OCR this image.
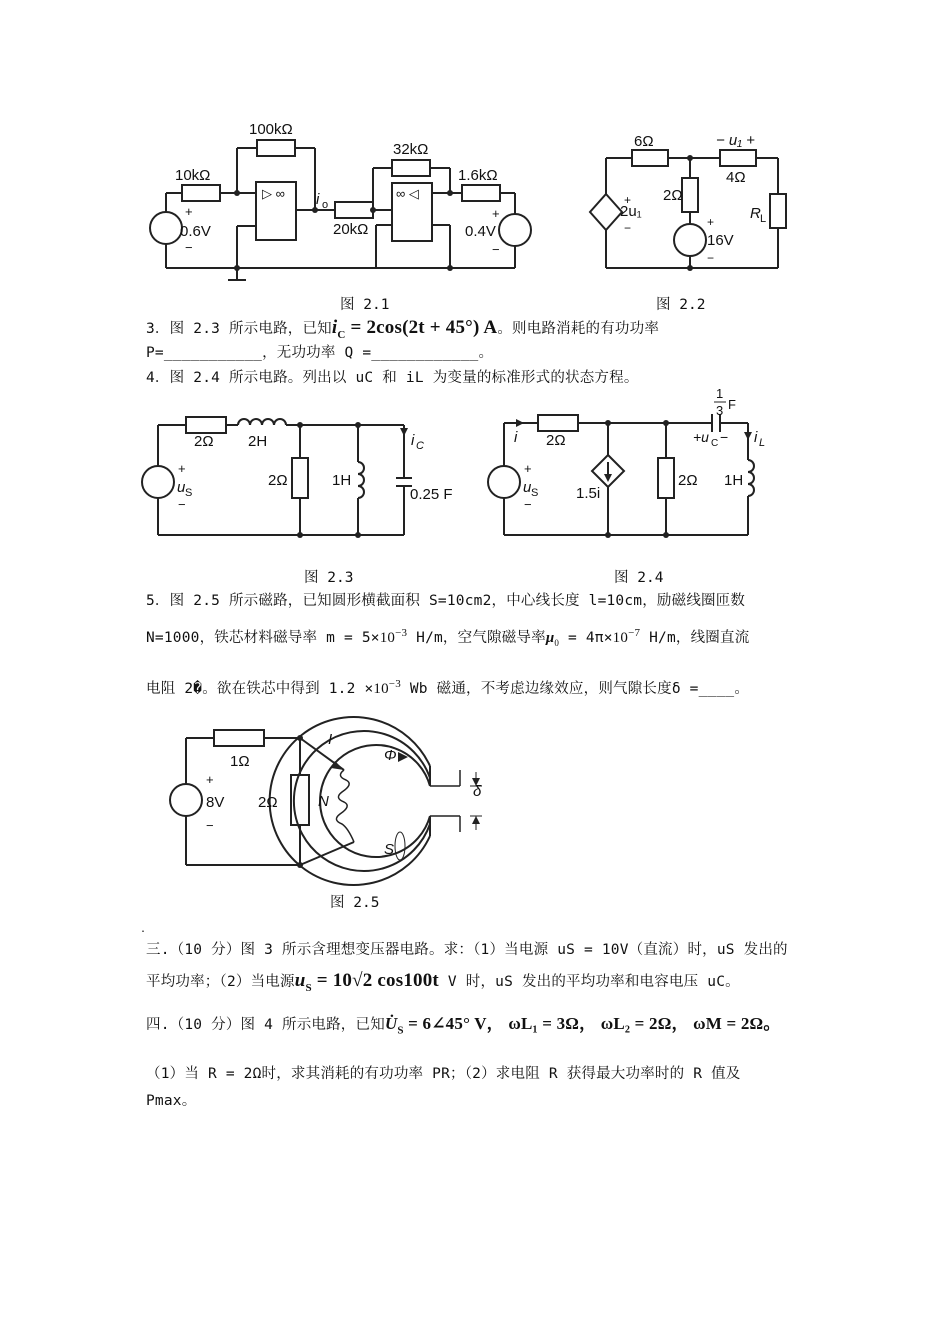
100kΩ
10kΩ
20kΩ
32kΩ
1.6kΩ
0.6V	0.4V
+
−
+
−
▷ ∞	∞ ◁
i o
6Ω
2Ω
4Ω
− u₁ +
2u₁
+
−
16V
+
−
R L
图 2.1	图 2.2
3．图 2.3 所示电路，已知$i_C = 2\cos(2t + 45^\circ)$ A。则电路消耗的有功功率
P=___________，无功功率 Q =____________。
4．图 2.4 所示电路。列出以 uC 和 iL 为变量的标准形式的状态方程。
2Ω 2H
2Ω	1H
0.25 F
i C
+
−
u S
i 2Ω
1.5i
2Ω 1H
1
3 F
+u C − i L
+
−
u S
图 2.3	图 2.4
5．图 2.5 所示磁路，已知圆形横截面积 S=10cm2，中心线长度 l=10cm，励磁线圈匝数
N=1000，铁芯材料磁导率 $m = 5\times 10^{-3}$ H/m，空气隙磁导率$\mu_0 = 4\pi\times 10^{-7}$ H/m，线圈直流
电阻 2�。欲在铁芯中得到 $1.2 \times 10^{-3}$ Wb 磁通，不考虑边缘效应，则气隙长度δ =____。
1Ω
2Ω
8V
+
−
I
N
Φ
S
δ
图 2.5
.
三.（10 分）图 3 所示含理想变压器电路。求：（1）当电源 uS = 10V（直流）时，uS 发出的
平均功率；（2）当电源$u_S = 10√2$ cos100t V 时，uS 发出的平均功率和电容电压 uC。
四.（10 分）图 4 所示电路，已知$U̇_S$ = 6∠45° V， ωL₁ = 3Ω， ωL₂ = 2Ω， ωM = 2Ω。
（1）当 R = 2Ω时，求其消耗的有功功率 PR；（2）求电阻 R 获得最大功率时的 R 值及
Pmax。
